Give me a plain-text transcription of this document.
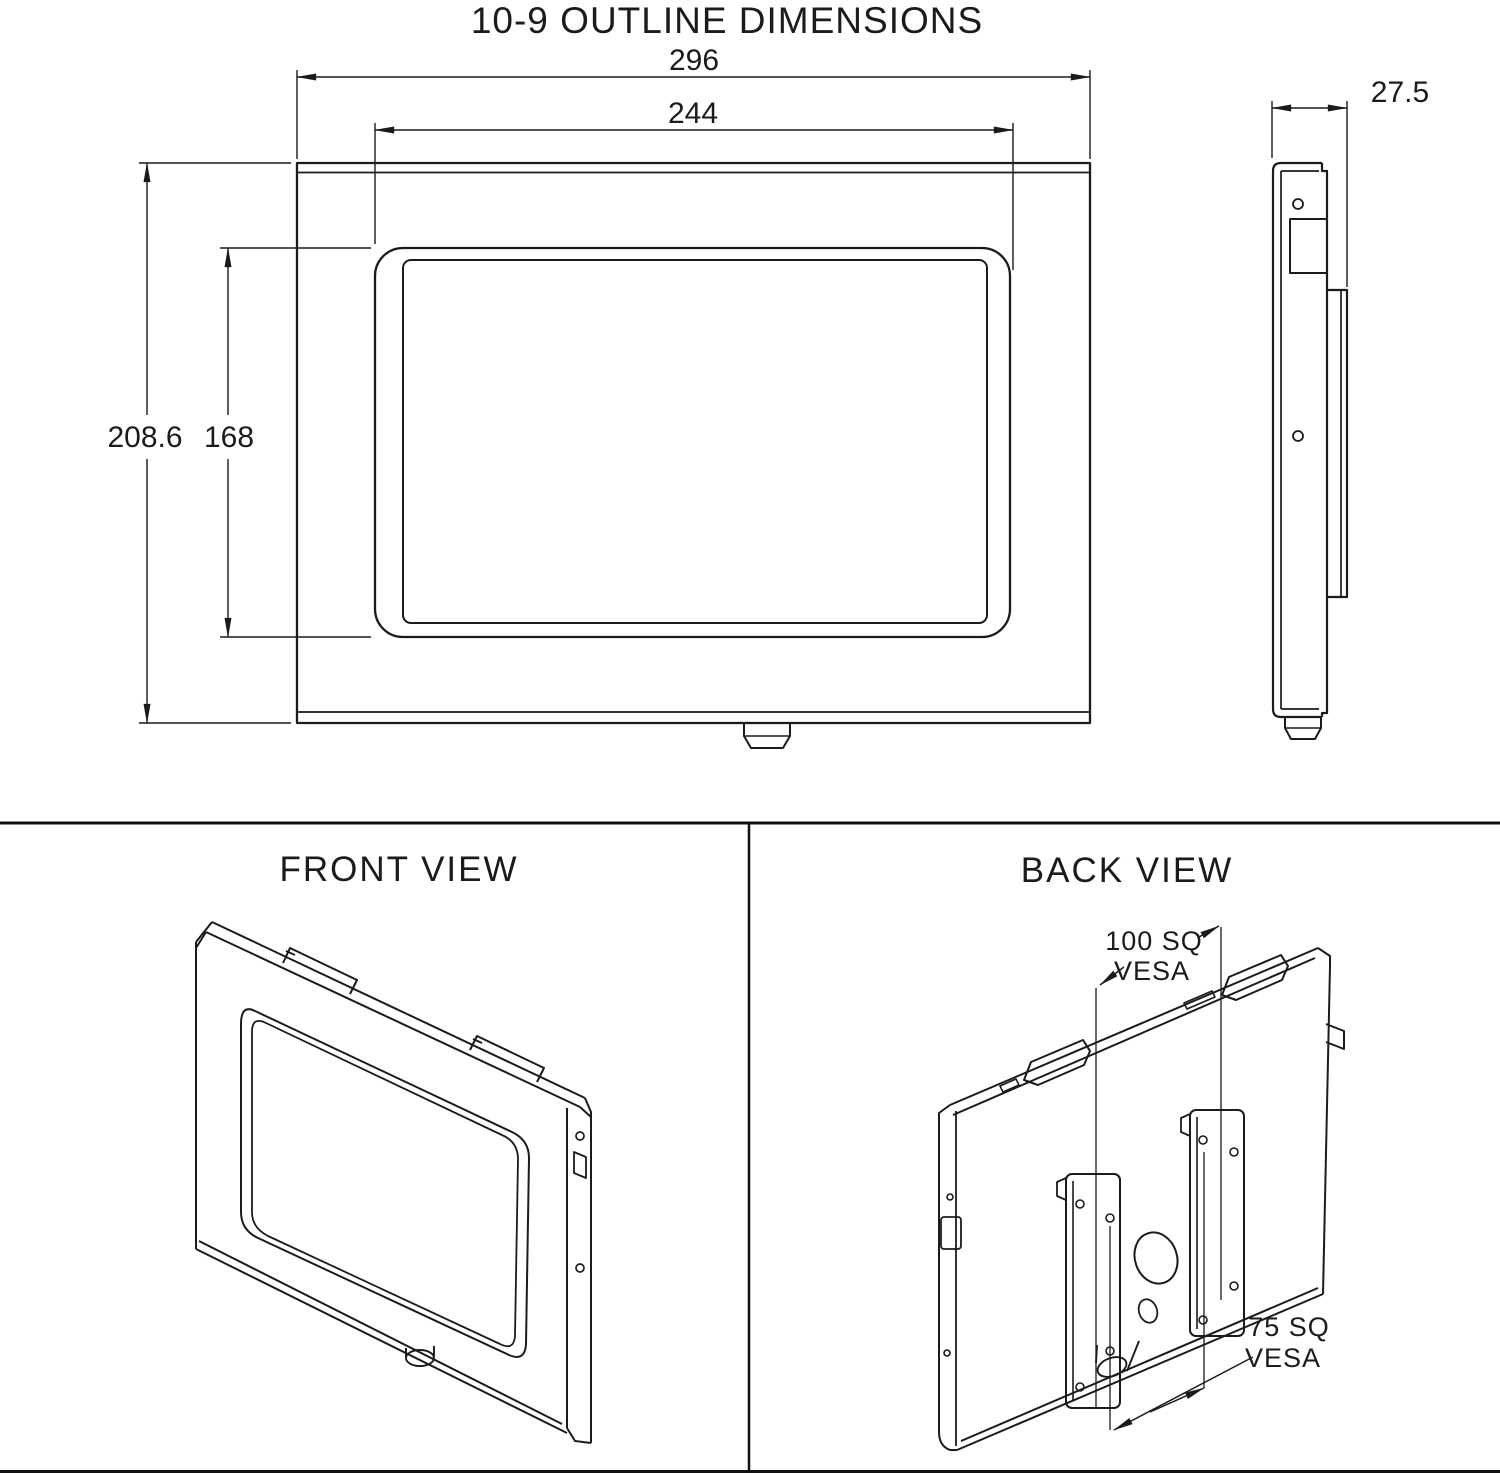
10-9 OUTLINE DIMENSIONS
296
244
208.6 168
27.5
FRONT VIEW	BACK VIEW
100 SQ
VESA
75 SQ
VESA
